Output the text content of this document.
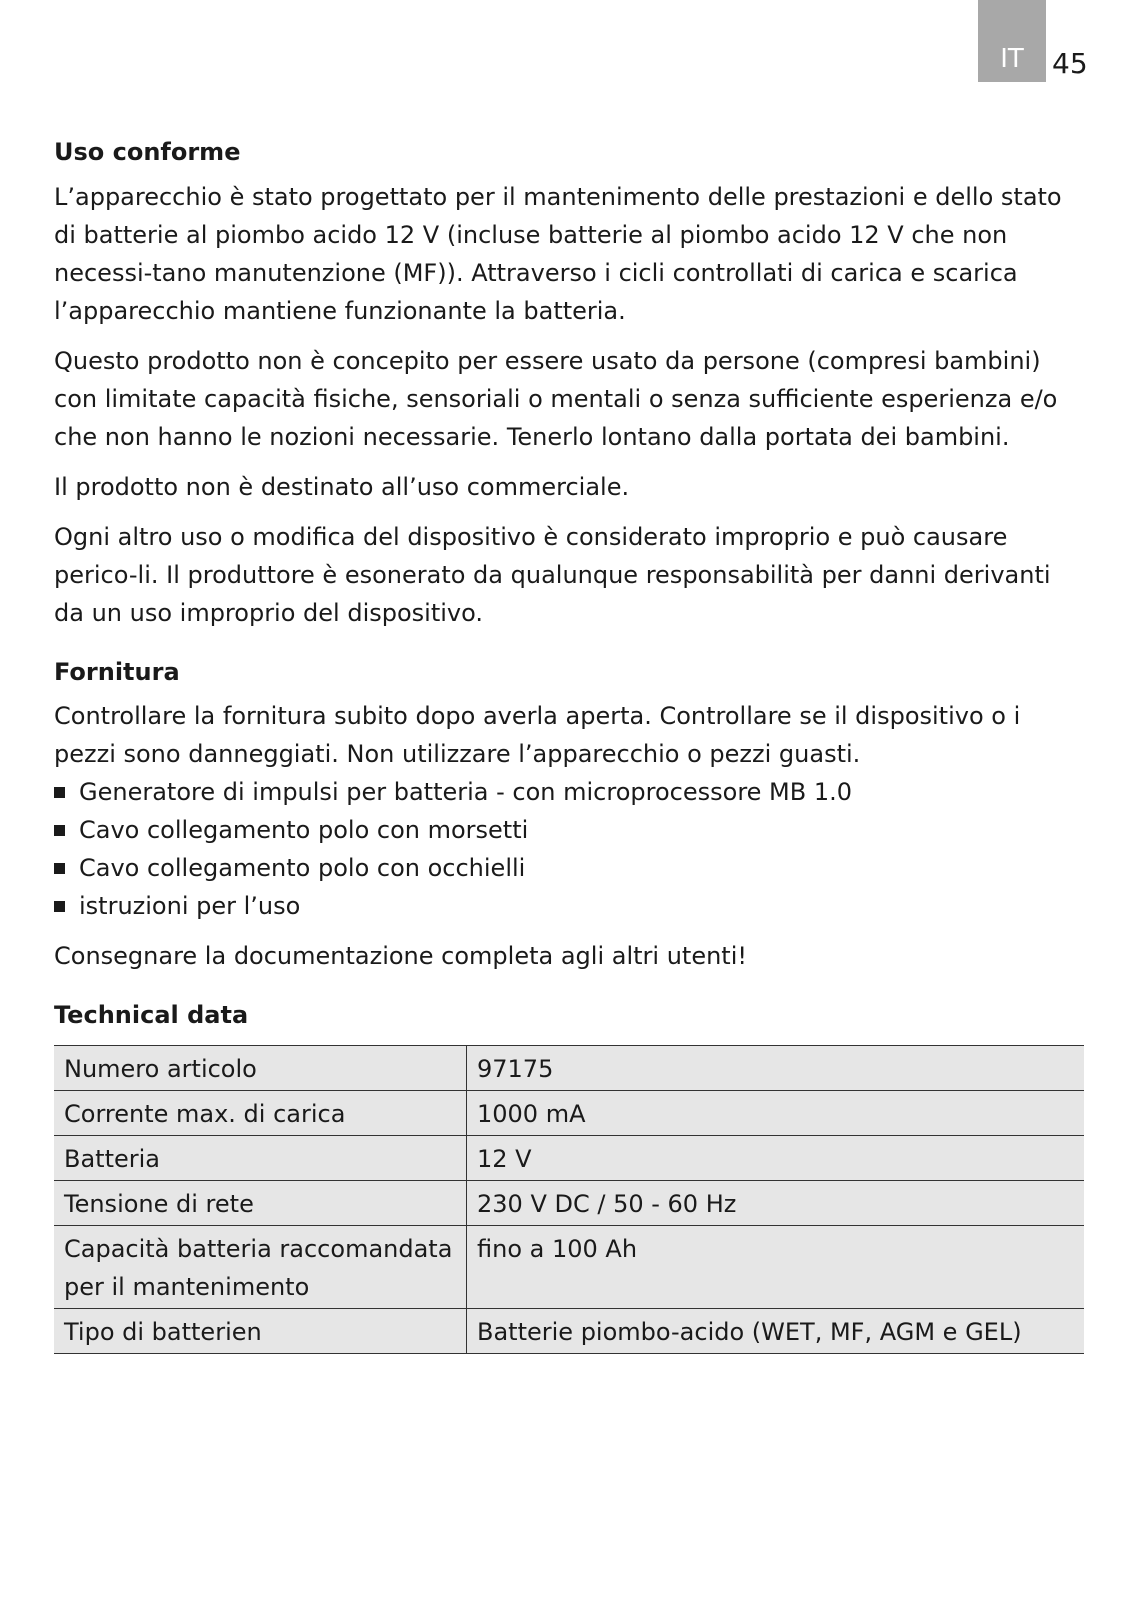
IT 45
Uso conforme

L’apparecchio è stato progettato per il mantenimento delle prestazioni e dello stato di batterie al piombo acido 12 V (incluse batterie al piombo acido 12 V che non necessi-tano manutenzione (MF)). Attraverso i cicli controllati di carica e scarica l’apparecchio mantiene funzionante la batteria.

Questo prodotto non è concepito per essere usato da persone (compresi bambini) con limitate capacità fisiche, sensoriali o mentali o senza sufficiente esperienza e/o che non hanno le nozioni necessarie. Tenerlo lontano dalla portata dei bambini.

Il prodotto non è destinato all’uso commerciale.

Ogni altro uso o modifica del dispositivo è considerato improprio e può causare perico-li. Il produttore è esonerato da qualunque responsabilità per danni derivanti da un uso improprio del dispositivo.

Fornitura

Controllare la fornitura subito dopo averla aperta. Controllare se il dispositivo o i pezzi sono danneggiati. Non utilizzare l’apparecchio o pezzi guasti.

Generatore di impulsi per batteria - con microprocessore MB 1.0
Cavo collegamento polo con morsetti
Cavo collegamento polo con occhielli
istruzioni per l’uso

Consegnare la documentazione completa agli altri utenti!

Technical data
Numero articolo	97175
Corrente max. di carica	1000 mA
Batteria	12 V
Tensione di rete	230 V DC / 50 - 60 Hz
Capacità batteria raccomandata per il mantenimento	fino a 100 Ah
Tipo di batterien	Batterie piombo-acido (WET, MF, AGM e GEL)
